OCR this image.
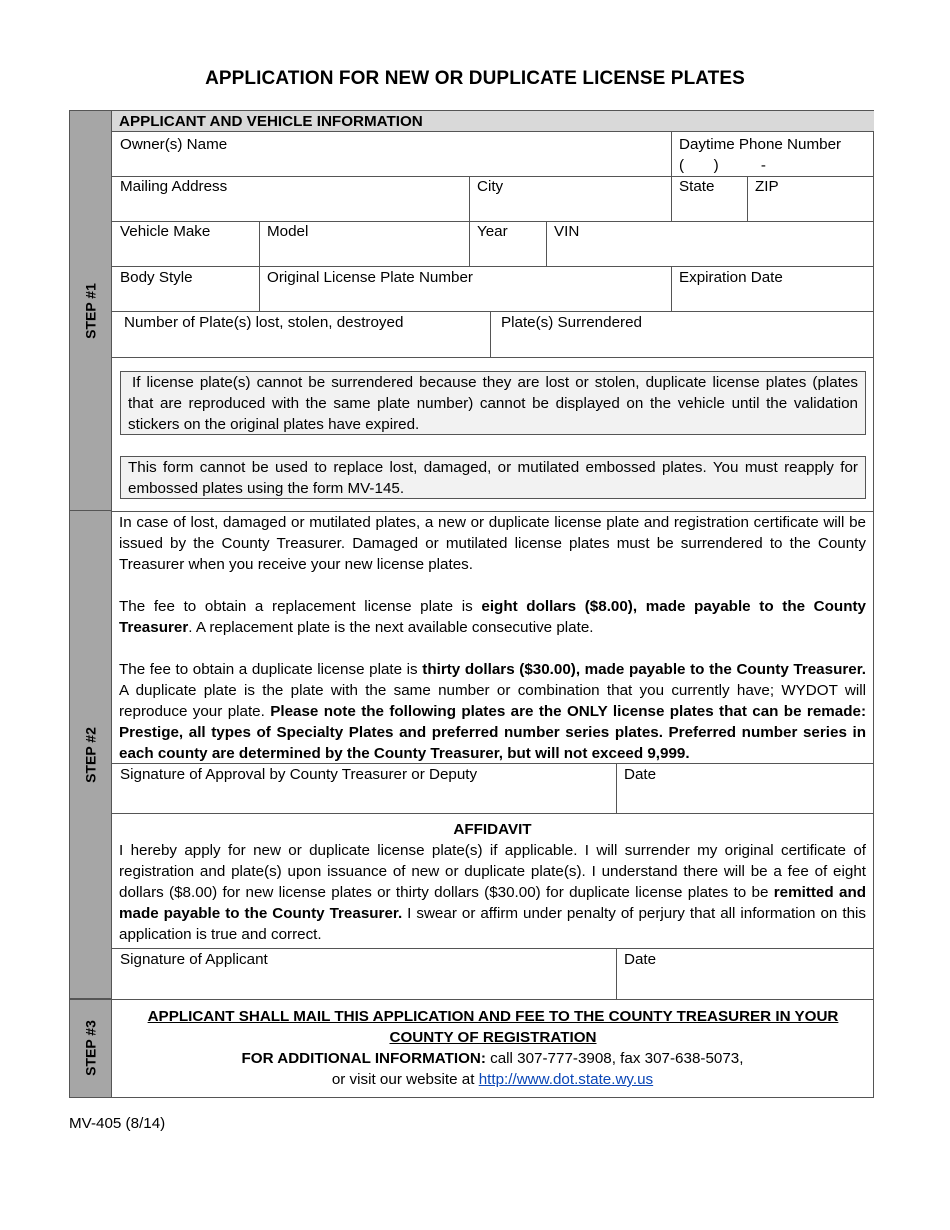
APPLICATION FOR NEW OR DUPLICATE LICENSE PLATES
STEP #1
STEP #2
STEP #3
APPLICANT AND VEHICLE INFORMATION
Owner(s) Name	Daytime Phone Number
(       )          -
Mailing Address	City	State	ZIP
Vehicle Make	Model	Year	VIN
Body Style	Original License Plate Number	Expiration Date
Number of Plate(s) lost, stolen, destroyed	Plate(s) Surrendered
If license plate(s) cannot be surrendered because they are lost or stolen, duplicate license plates (plates that are reproduced with the same plate number) cannot be displayed on the vehicle until the validation stickers on the original plates have expired.
This form cannot be used to replace lost, damaged, or mutilated embossed plates. You must reapply for embossed plates using the form MV-145.

In case of lost, damaged or mutilated plates, a new or duplicate license plate and registration certificate will be issued by the County Treasurer. Damaged or mutilated license plates must be surrendered to the County Treasurer when you receive your new license plates.

The fee to obtain a replacement license plate is eight dollars ($8.00), made payable to the County Treasurer. A replacement plate is the next available consecutive plate.

The fee to obtain a duplicate license plate is thirty dollars ($30.00), made payable to the County Treasurer. A duplicate plate is the plate with the same number or combination that you currently have; WYDOT will reproduce your plate. Please note the following plates are the ONLY license plates that can be remade: Prestige, all types of Specialty Plates and preferred number series plates. Preferred number series in each county are determined by the County Treasurer, but will not exceed 9,999.

Signature of Approval by County Treasurer or Deputy	Date
AFFIDAVIT

I hereby apply for new or duplicate license plate(s) if applicable. I will surrender my original certificate of registration and plate(s) upon issuance of new or duplicate plate(s). I understand there will be a fee of eight dollars ($8.00) for new license plates or thirty dollars ($30.00) for duplicate license plates to be remitted and made payable to the County Treasurer. I swear or affirm under penalty of perjury that all information on this application is true and correct.

Signature of Applicant	Date
APPLICANT SHALL MAIL THIS APPLICATION AND FEE TO THE COUNTY TREASURER IN YOUR COUNTY OF REGISTRATION
FOR ADDITIONAL INFORMATION: call 307-777-3908, fax 307-638-5073,
or visit our website at http://www.dot.state.wy.us
MV-405 (8/14)
